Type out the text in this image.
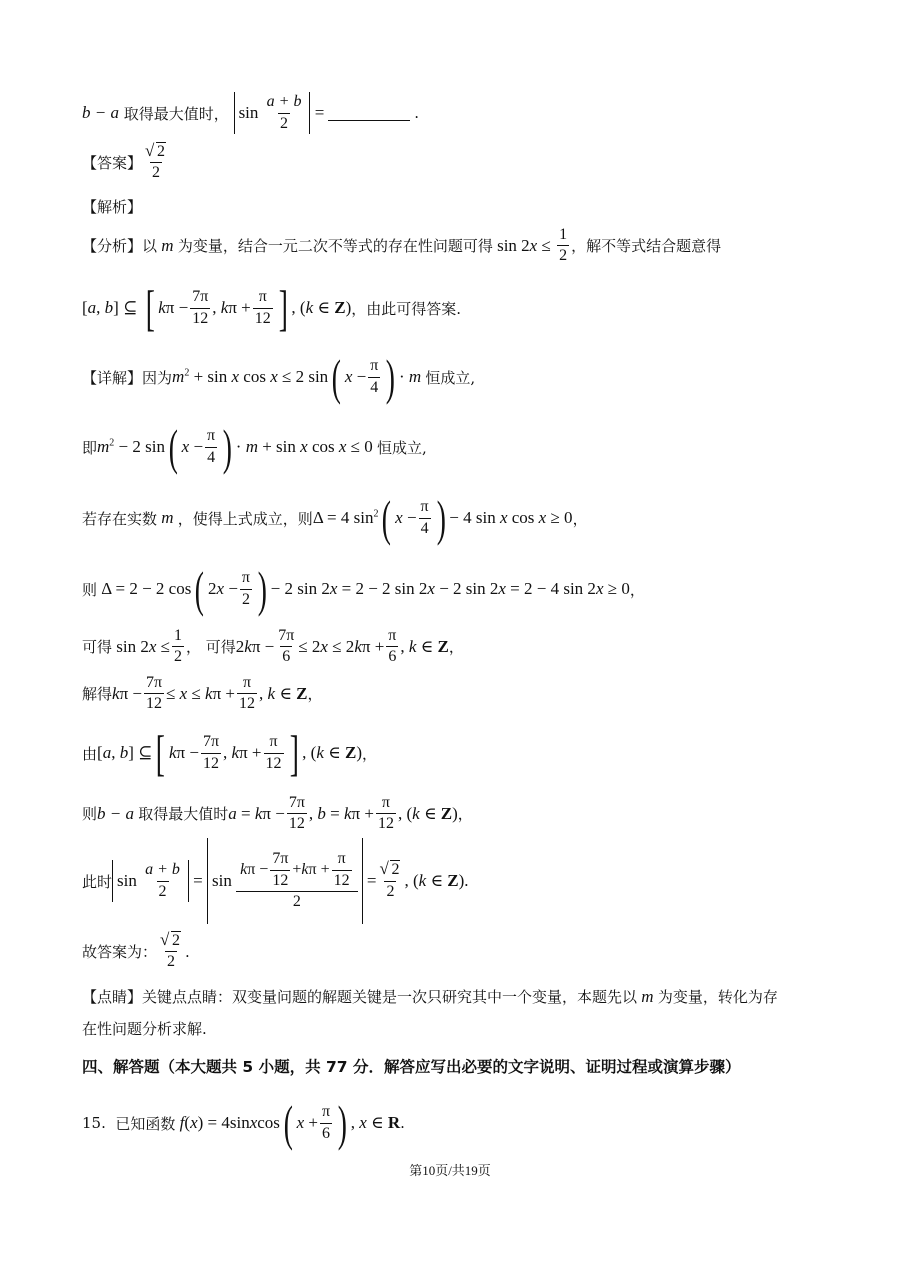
b − a
取得最大值时，
$\sin \frac{a + b}{2}$ =	.
【答案】 √ $\frac{2}{2}$
【解析】
【分析】 以 m 为变量，结合一元二次不等式的存在性问题可得 $\sin 2x \le \frac{1}{2}$ ，解不等式结合题意得
[a, b] ⊆ [ $k\pi - \frac{7\pi}{12}$ , $k\pi + \frac{\pi}{12}$ ] , (k ∈ Z) ，由此可得答案.
【详解】 因为 $m^2 + \sin x$ cos x ≤ 2 sin ( $x - \frac{\pi}{4}$ ) · m 恒成立,
即 $m^2 - 2$ sin ( $x - \frac{\pi}{4}$ ) · m + sin x cos x ≤ 0 恒成立,
若存在实数 m ，使得上式成立，则 Δ = 4 $\sin^2$ ( $x - \frac{\pi}{4}$ ) − 4 sin x cos x ≥ 0 ，
则 Δ = 2 − 2 cos ( $2x - \frac{\pi}{2}$ ) − 2 sin 2x = 2 − 2 sin 2x − 2 sin 2x = 2 − 4 sin 2x ≥ 0 ，
可得 $\sin 2x \le \frac{1}{2}$ ， 可得 $2k\pi - \frac{7\pi}{6} \le 2x \le 2k\pi + \frac{\pi}{6}$ , k ∈ Z ，
解得 $k\pi - \frac{7\pi}{12} \le x \le k\pi + \frac{\pi}{12}$ , k ∈ Z ，
由 [a, b] ⊆ [ $k\pi - \frac{7\pi}{12}$ , $k\pi + \frac{\pi}{12}$ ] , (k ∈ Z) ，
则 b − a 取得最大值时 $a = k\pi - \frac{7\pi}{12}$ , $b = k\pi + \frac{\pi}{12}$ , (k ∈ Z) ，
此时 $\sin \frac{a + b}{2} = \sin \frac{k \pi - \frac{7\pi}{12} + k \pi + \frac{\pi}{12}}{2}$ = √ $\frac{2}{2}$ , (k ∈ Z).
故答案为： √ $\frac{2}{2}$ .
【点睛】 关键点点睛：双变量问题的解题关键是一次只研究其中一个变量，本题先以 m 为变量，转化为存
在性问题分析求解.
四、解答题（本大题共 5 小题，共 77 分．解答应写出必要的文字说明、证明过程或演算步骤）
15.
已知函数 f(x) = 4sinxcos ( $x + \frac{\pi}{6}$ ) , x ∈ R .
第10页/共19页
